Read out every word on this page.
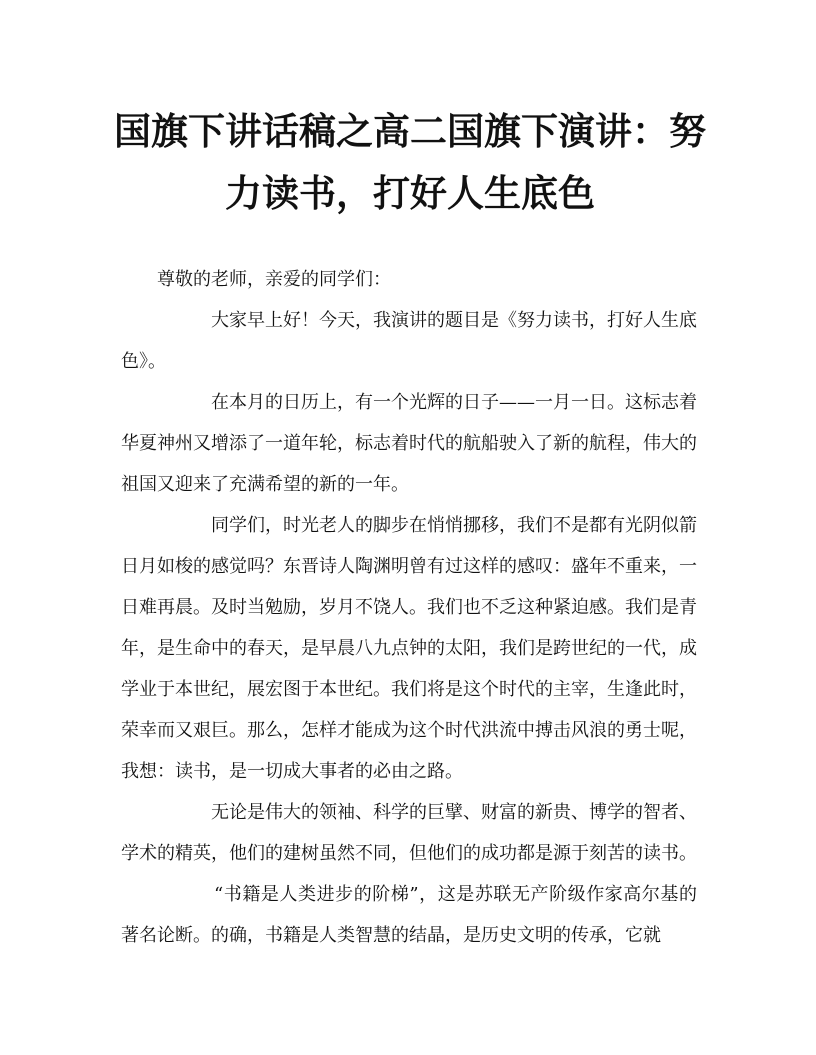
国旗下讲话稿之高二国旗下演讲：努力读书，打好人生底色

尊敬的老师，亲爱的同学们：

大家早上好！今天，我演讲的题目是《努力读书，打好人生底色》。

在本月的日历上，有一个光辉的日子——一月一日。这标志着华夏神州又增添了一道年轮，标志着时代的航船驶入了新的航程，伟大的祖国又迎来了充满希望的新的一年。

同学们，时光老人的脚步在悄悄挪移，我们不是都有光阴似箭日月如梭的感觉吗？东晋诗人陶渊明曾有过这样的感叹：盛年不重来，一日难再晨。及时当勉励，岁月不饶人。我们也不乏这种紧迫感。我们是青年，是生命中的春天，是早晨八九点钟的太阳，我们是跨世纪的一代，成学业于本世纪，展宏图于本世纪。我们将是这个时代的主宰，生逢此时，荣幸而又艰巨。那么，怎样才能成为这个时代洪流中搏击风浪的勇士呢，我想：读书，是一切成大事者的必由之路。

无论是伟大的领袖、科学的巨擘、财富的新贵、博学的智者、学术的精英，他们的建树虽然不同，但他们的成功都是源于刻苦的读书。

“书籍是人类进步的阶梯”，这是苏联无产阶级作家高尔基的著名论断。的确，书籍是人类智慧的结晶，是历史文明的传承，它就
